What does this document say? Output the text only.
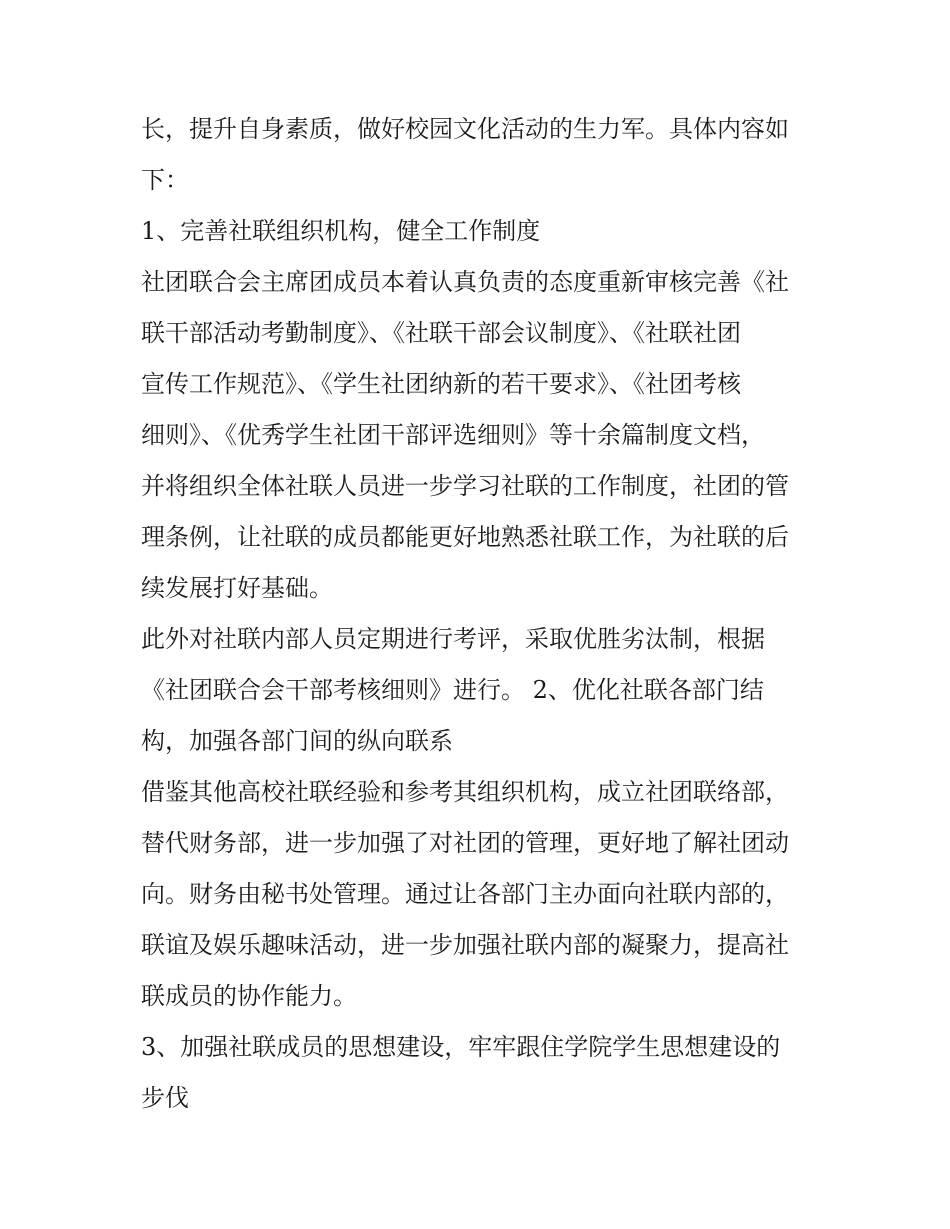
长，提升自身素质，做好校园文化活动的生力军。具体内容如
下：
1、完善社联组织机构，健全工作制度
社团联合会主席团成员本着认真负责的态度重新审核完善《社
联干部活动考勤制度》、《社联干部会议制度》、《社联社团
宣传工作规范》、《学生社团纳新的若干要求》、《社团考核
细则》、《优秀学生社团干部评选细则》等十余篇制度文档，
并将组织全体社联人员进一步学习社联的工作制度，社团的管
理条例，让社联的成员都能更好地熟悉社联工作，为社联的后
续发展打好基础。
此外对社联内部人员定期进行考评，采取优胜劣汰制，根据
《社团联合会干部考核细则》进行。 2、优化社联各部门结
构，加强各部门间的纵向联系
借鉴其他高校社联经验和参考其组织机构，成立社团联络部，
替代财务部，进一步加强了对社团的管理，更好地了解社团动
向。财务由秘书处管理。通过让各部门主办面向社联内部的，
联谊及娱乐趣味活动，进一步加强社联内部的凝聚力，提高社
联成员的协作能力。
3、加强社联成员的思想建设，牢牢跟住学院学生思想建设的
步伐
